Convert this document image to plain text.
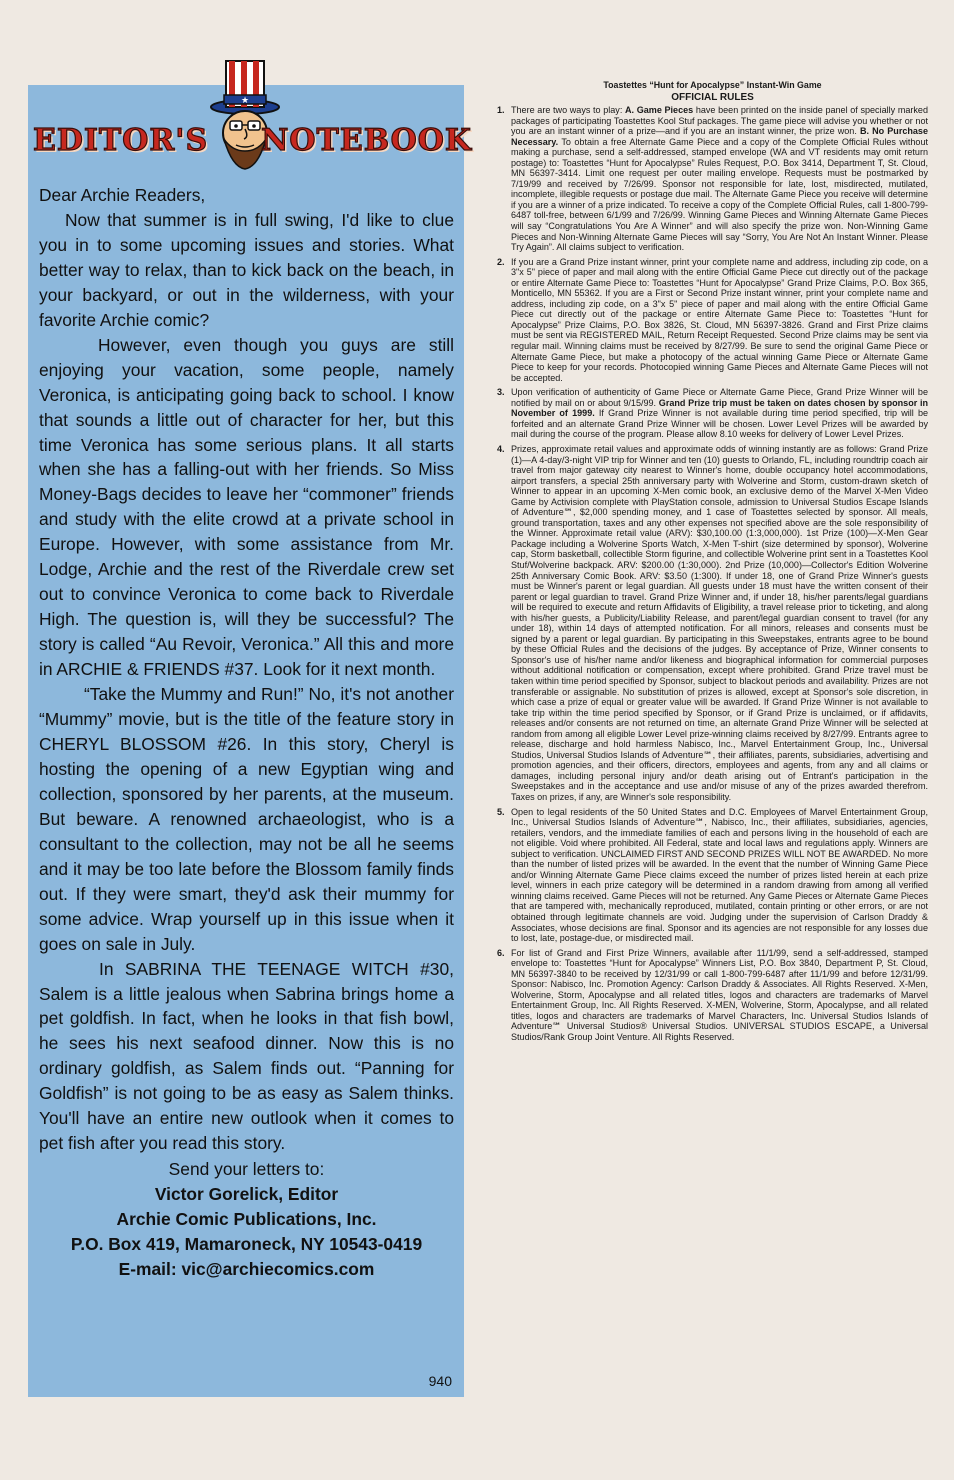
EDITOR'S
★
NOTEBOOK

Dear Archie Readers,

Now that summer is in full swing, I'd like to clue you in to some upcoming issues and stories. What better way to relax, than to kick back on the beach, in your backyard, or out in the wilderness, with your favorite Archie comic?

However, even though you guys are still enjoying your vacation, some people, namely Veronica, is anticipating going back to school. I know that sounds a little out of character for her, but this time Veronica has some serious plans. It all starts when she has a falling-out with her friends. So Miss Money-Bags decides to leave her “commoner” friends and study with the elite crowd at a private school in Europe. However, with some assistance from Mr. Lodge, Archie and the rest of the Riverdale crew set out to convince Veronica to come back to Riverdale High. The question is, will they be successful? The story is called “Au Revoir, Veronica.” All this and more in ARCHIE & FRIENDS #37. Look for it next month.

“Take the Mummy and Run!” No, it's not another “Mummy” movie, but is the title of the feature story in CHERYL BLOSSOM #26. In this story, Cheryl is hosting the opening of a new Egyptian wing and collection, sponsored by her parents, at the museum. But beware. A renowned archaeologist, who is a consultant to the collection, may not be all he seems and it may be too late before the Blossom family finds out. If they were smart, they'd ask their mummy for some advice. Wrap yourself up in this issue when it goes on sale in July.

In SABRINA THE TEENAGE WITCH #30, Salem is a little jealous when Sabrina brings home a pet goldfish. In fact, when he looks in that fish bowl, he sees his next seafood dinner. Now this is no ordinary goldfish, as Salem finds out. “Panning for Goldfish” is not going to be as easy as Salem thinks. You'll have an entire new outlook when it comes to pet fish after you read this story.

Send your letters to:
Victor Gorelick, Editor
Archie Comic Publications, Inc.
P.O. Box 419, Mamaroneck, NY 10543-0419
E-mail: vic@archiecomics.com
940

Toastettes “Hunt for Apocalypse” Instant-Win Game

OFFICIAL RULES

1. There are two ways to play: A. Game Pieces have been printed on the inside panel of specially marked packages of participating Toastettes Kool Stuf packages. The game piece will advise you whether or not you are an instant winner of a prize—and if you are an instant winner, the prize won. B. No Purchase Necessary. To obtain a free Alternate Game Piece and a copy of the Complete Official Rules without making a purchase, send a self-addressed, stamped envelope (WA and VT residents may omit return postage) to: Toastettes “Hunt for Apocalypse” Rules Request, P.O. Box 3414, Department T, St. Cloud, MN 56397-3414. Limit one request per outer mailing envelope. Requests must be postmarked by 7/19/99 and received by 7/26/99. Sponsor not responsible for late, lost, misdirected, mutilated, incomplete, illegible requests or postage due mail. The Alternate Game Piece you receive will determine if you are a winner of a prize indicated. To receive a copy of the Complete Official Rules, call 1-800-799-6487 toll-free, between 6/1/99 and 7/26/99. Winning Game Pieces and Winning Alternate Game Pieces will say “Congratulations You Are A Winner” and will also specify the prize won. Non-Winning Game Pieces and Non-Winning Alternate Game Pieces will say “Sorry, You Are Not An Instant Winner. Please Try Again”. All claims subject to verification.
2. If you are a Grand Prize instant winner, print your complete name and address, including zip code, on a 3"x 5" piece of paper and mail along with the entire Official Game Piece cut directly out of the package or entire Alternate Game Piece to: Toastettes “Hunt for Apocalypse” Grand Prize Claims, P.O. Box 365, Monticello, MN 55362. If you are a First or Second Prize instant winner, print your complete name and address, including zip code, on a 3"x 5" piece of paper and mail along with the entire Official Game Piece cut directly out of the package or entire Alternate Game Piece to: Toastettes “Hunt for Apocalypse” Prize Claims, P.O. Box 3826, St. Cloud, MN 56397-3826. Grand and First Prize claims must be sent via REGISTERED MAIL, Return Receipt Requested. Second Prize claims may be sent via regular mail. Winning claims must be received by 8/27/99. Be sure to send the original Game Piece or Alternate Game Piece, but make a photocopy of the actual winning Game Piece or Alternate Game Piece to keep for your records. Photocopied winning Game Pieces and Alternate Game Pieces will not be accepted.
3. Upon verification of authenticity of Game Piece or Alternate Game Piece, Grand Prize Winner will be notified by mail on or about 9/15/99. Grand Prize trip must be taken on dates chosen by sponsor in November of 1999. If Grand Prize Winner is not available during time period specified, trip will be forfeited and an alternate Grand Prize Winner will be chosen. Lower Level Prizes will be awarded by mail during the course of the program. Please allow 8.10 weeks for delivery of Lower Level Prizes.
4. Prizes, approximate retail values and approximate odds of winning instantly are as follows: Grand Prize (1)—A 4-day/3-night VIP trip for Winner and ten (10) guests to Orlando, FL, including roundtrip coach air travel from major gateway city nearest to Winner's home, double occupancy hotel accommodations, airport transfers, a special 25th anniversary party with Wolverine and Storm, custom-drawn sketch of Winner to appear in an upcoming X-Men comic book, an exclusive demo of the Marvel X-Men Video Game by Activision complete with PlayStation console, admission to Universal Studios Escape Islands of Adventure℠, $2,000 spending money, and 1 case of Toastettes selected by sponsor. All meals, ground transportation, taxes and any other expenses not specified above are the sole responsibility of the Winner. Approximate retail value (ARV): $30,100.00 (1:3,000,000). 1st Prize (100)—X-Men Gear Package including a Wolverine Sports Watch, X-Men T-shirt (size determined by sponsor), Wolverine cap, Storm basketball, collectible Storm figurine, and collectible Wolverine print sent in a Toastettes Kool Stuf/Wolverine backpack. ARV: $200.00 (1:30,000). 2nd Prize (10,000)—Collector's Edition Wolverine 25th Anniversary Comic Book. ARV: $3.50 (1:300). If under 18, one of Grand Prize Winner's guests must be Winner's parent or legal guardian. All guests under 18 must have the written consent of their parent or legal guardian to travel. Grand Prize Winner and, if under 18, his/her parents/legal guardians will be required to execute and return Affidavits of Eligibility, a travel release prior to ticketing, and along with his/her guests, a Publicity/Liability Release, and parent/legal guardian consent to travel (for any under 18), within 14 days of attempted notification. For all minors, releases and consents must be signed by a parent or legal guardian. By participating in this Sweepstakes, entrants agree to be bound by these Official Rules and the decisions of the judges. By acceptance of Prize, Winner consents to Sponsor's use of his/her name and/or likeness and biographical information for commercial purposes without additional notification or compensation, except where prohibited. Grand Prize travel must be taken within time period specified by Sponsor, subject to blackout periods and availability. Prizes are not transferable or assignable. No substitution of prizes is allowed, except at Sponsor's sole discretion, in which case a prize of equal or greater value will be awarded. If Grand Prize Winner is not available to take trip within the time period specified by Sponsor, or if Grand Prize is unclaimed, or if affidavits, releases and/or consents are not returned on time, an alternate Grand Prize Winner will be selected at random from among all eligible Lower Level prize-winning claims received by 8/27/99. Entrants agree to release, discharge and hold harmless Nabisco, Inc., Marvel Entertainment Group, Inc., Universal Studios, Universal Studios Islands of Adventure℠, their affiliates, parents, subsidiaries, advertising and promotion agencies, and their officers, directors, employees and agents, from any and all claims or damages, including personal injury and/or death arising out of Entrant's participation in the Sweepstakes and in the acceptance and use and/or misuse of any of the prizes awarded therefrom. Taxes on prizes, if any, are Winner's sole responsibility.
5. Open to legal residents of the 50 United States and D.C. Employees of Marvel Entertainment Group, Inc., Universal Studios Islands of Adventure℠, Nabisco, Inc., their affiliates, subsidiaries, agencies, retailers, vendors, and the immediate families of each and persons living in the household of each are not eligible. Void where prohibited. All Federal, state and local laws and regulations apply. Winners are subject to verification. UNCLAIMED FIRST AND SECOND PRIZES WILL NOT BE AWARDED. No more than the number of listed prizes will be awarded. In the event that the number of Winning Game Piece and/or Winning Alternate Game Piece claims exceed the number of prizes listed herein at each prize level, winners in each prize category will be determined in a random drawing from among all verified winning claims received. Game Pieces will not be returned. Any Game Pieces or Alternate Game Pieces that are tampered with, mechanically reproduced, mutilated, contain printing or other errors, or are not obtained through legitimate channels are void. Judging under the supervision of Carlson Draddy & Associates, whose decisions are final. Sponsor and its agencies are not responsible for any losses due to lost, late, postage-due, or misdirected mail.
6. For list of Grand and First Prize Winners, available after 11/1/99, send a self-addressed, stamped envelope to: Toastettes “Hunt for Apocalypse” Winners List, P.O. Box 3840, Department P, St. Cloud, MN 56397-3840 to be received by 12/31/99 or call 1-800-799-6487 after 11/1/99 and before 12/31/99. Sponsor: Nabisco, Inc. Promotion Agency: Carlson Draddy & Associates. All Rights Reserved. X-Men, Wolverine, Storm, Apocalypse and all related titles, logos and characters are trademarks of Marvel Entertainment Group, Inc. All Rights Reserved. X-MEN, Wolverine, Storm, Apocalypse, and all related titles, logos and characters are trademarks of Marvel Characters, Inc. Universal Studios Islands of Adventure℠ Universal Studios® Universal Studios. UNIVERSAL STUDIOS ESCAPE, a Universal Studios/Rank Group Joint Venture. All Rights Reserved.
